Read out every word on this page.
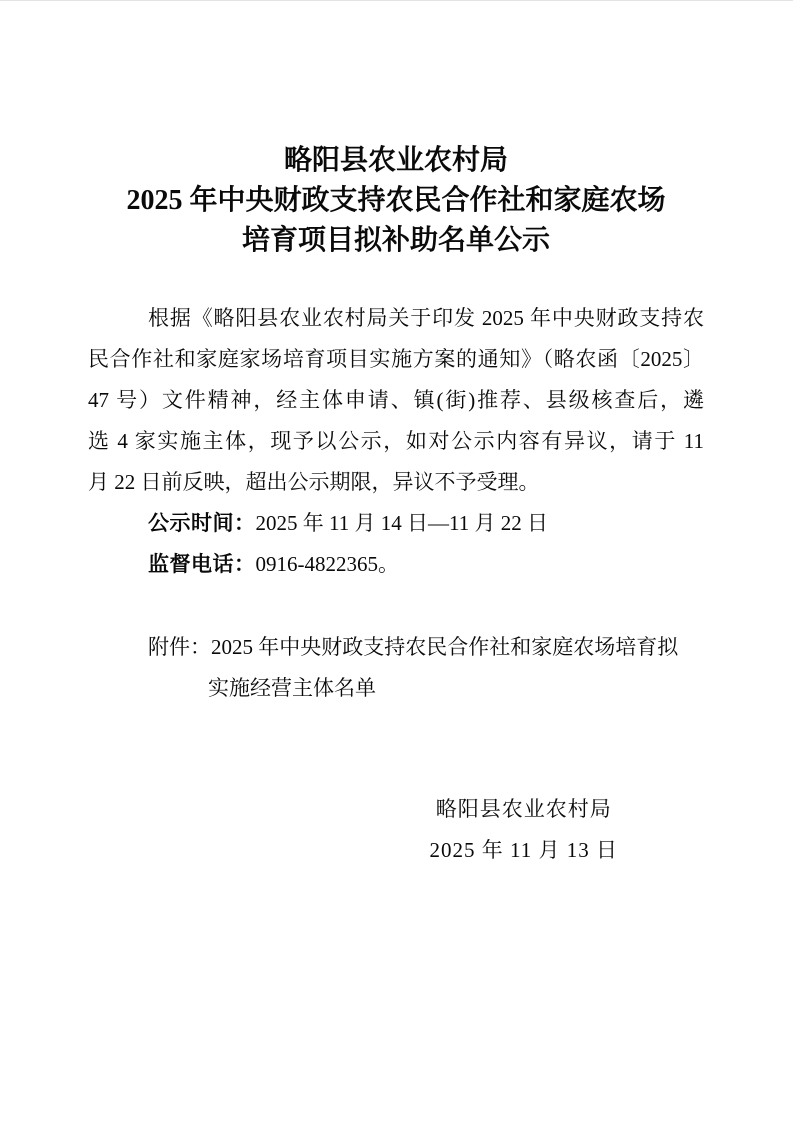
略阳县农业农村局
2025 年中央财政支持农民合作社和家庭农场
培育项目拟补助名单公示
根据《略阳县农业农村局关于印发 2025 年中央财政支持农
民合作社和家庭家场培育项目实施方案的通知》（略农函〔2025〕
47 号）文件精神，经主体申请、镇(街)推荐、县级核查后，遴
选 4 家实施主体，现予以公示，如对公示内容有异议，请于 11
月 22 日前反映，超出公示期限，异议不予受理。
公示时间：2025 年 11 月 14 日—11 月 22 日
监督电话：0916-4822365。
附件：2025 年中央财政支持农民合作社和家庭农场培育拟
实施经营主体名单
略阳县农业农村局
2025 年 11 月 13 日
